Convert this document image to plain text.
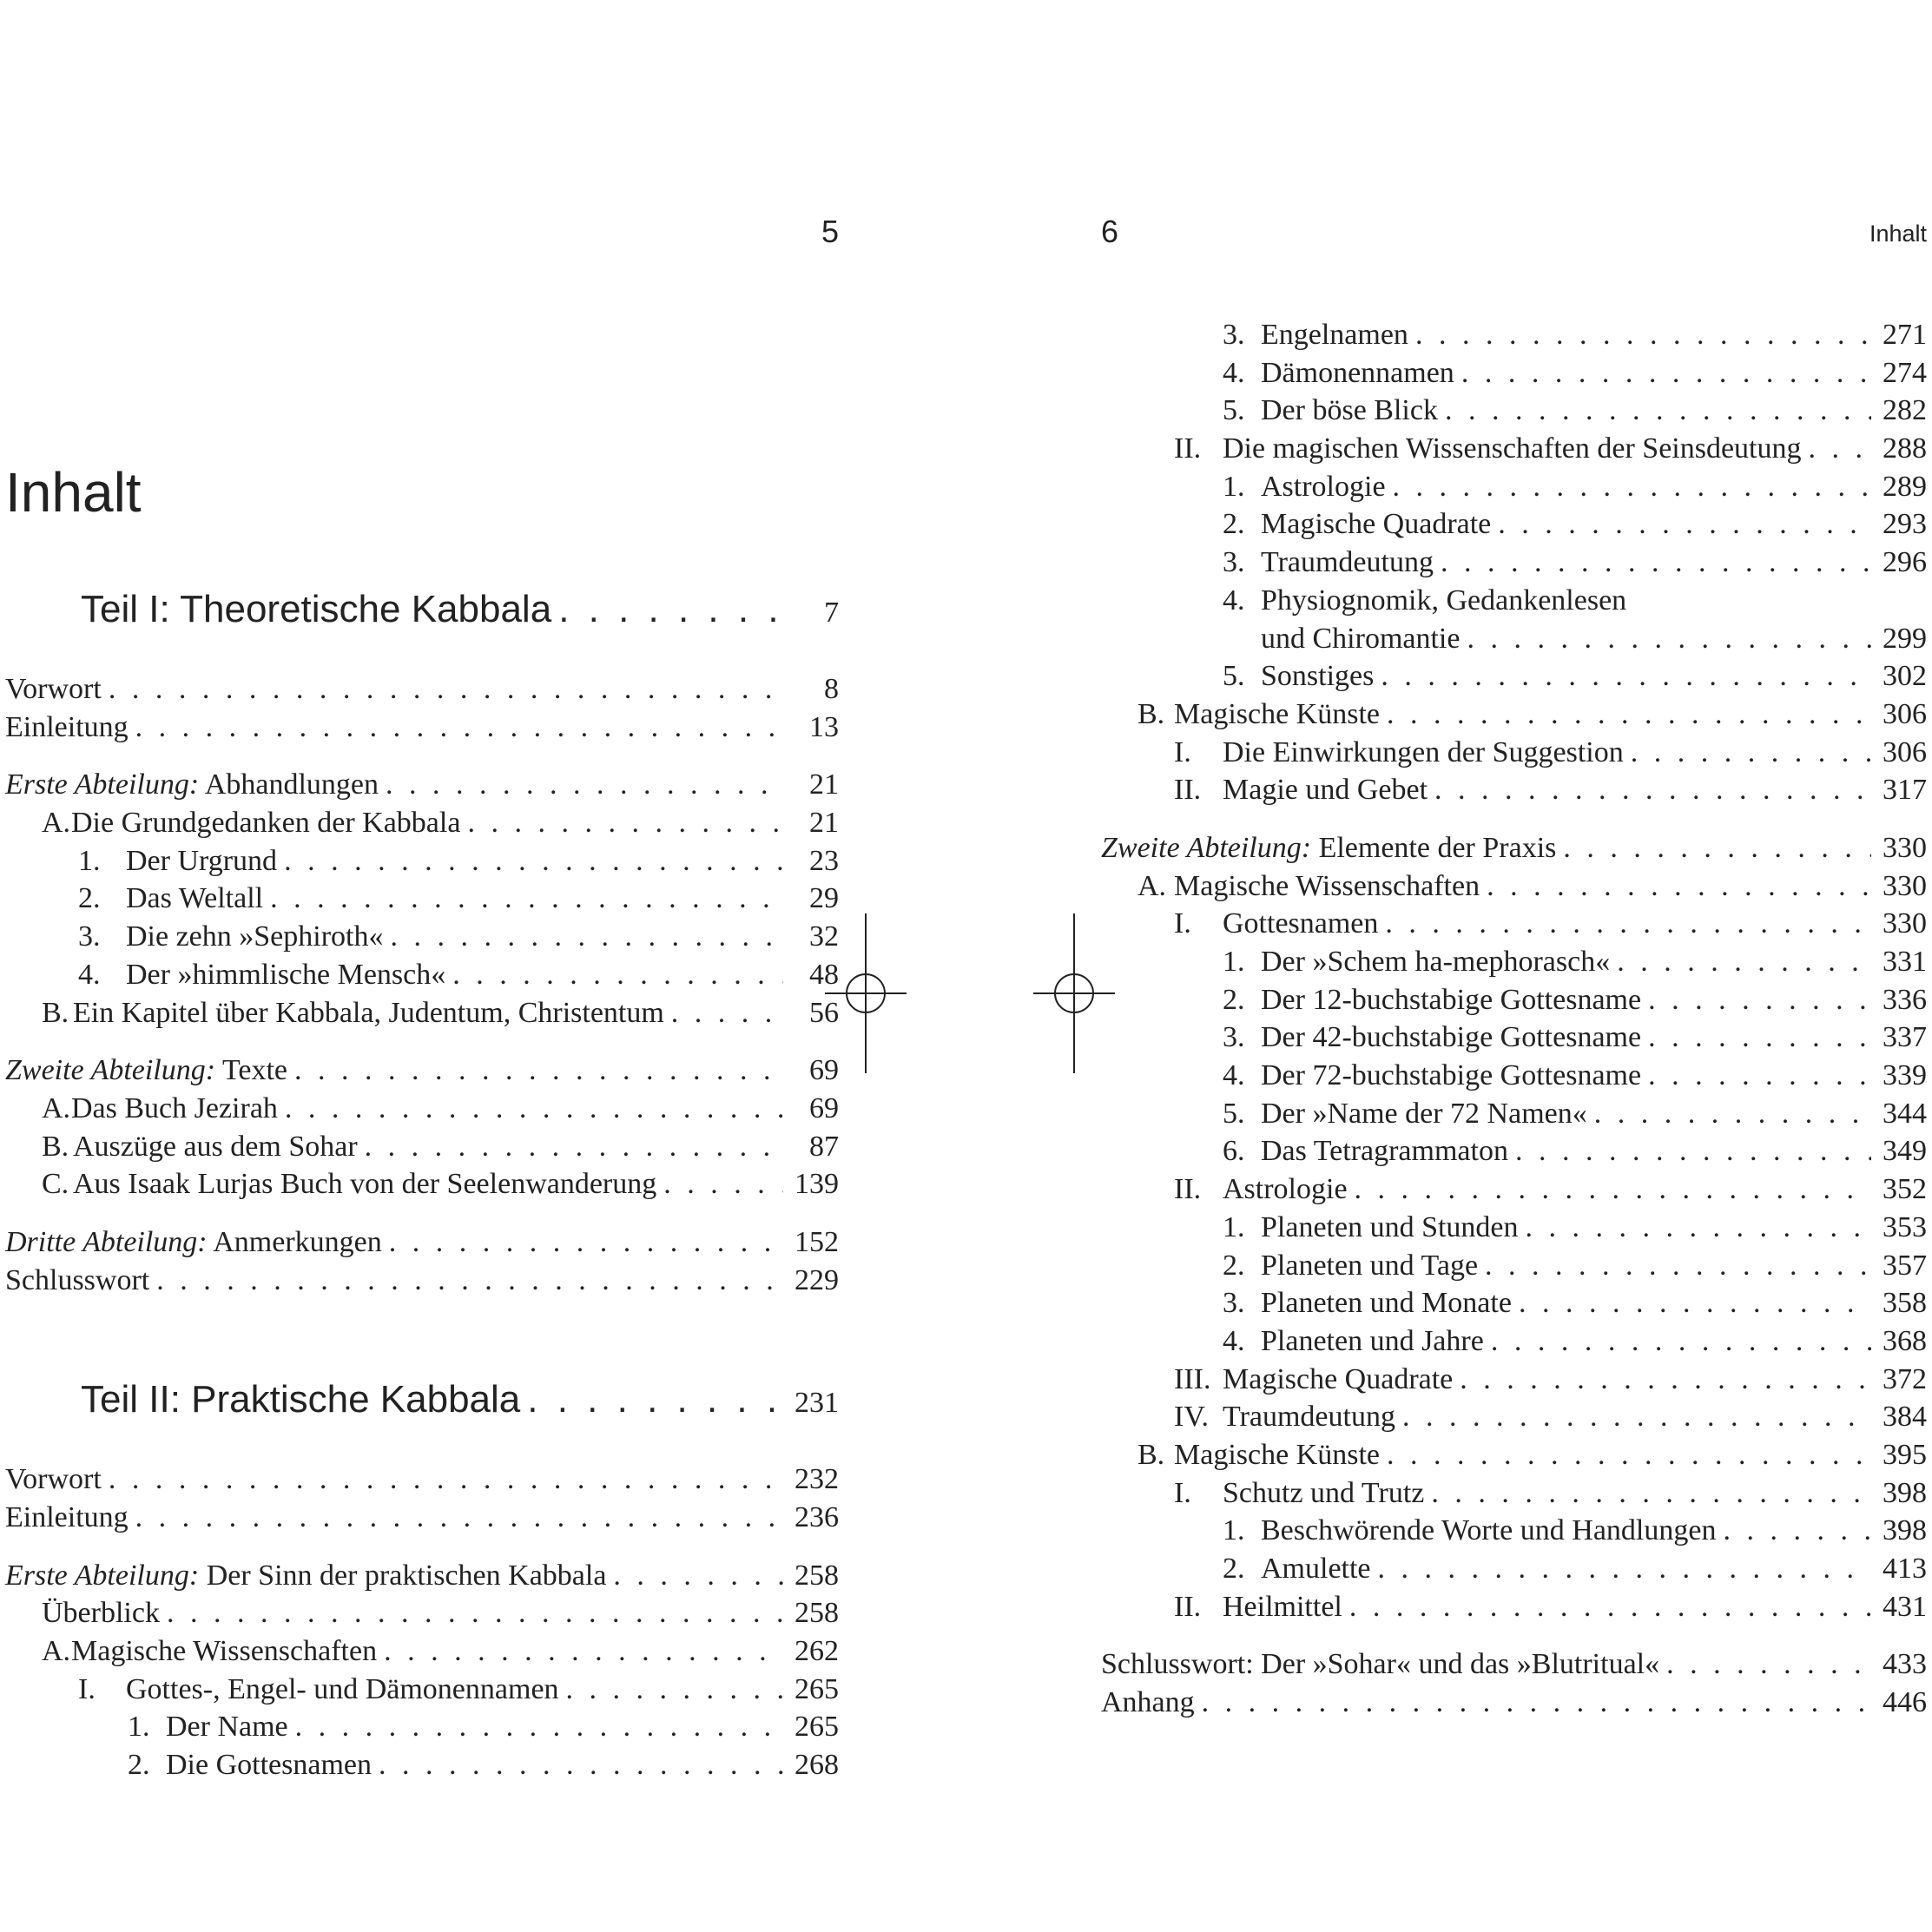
5
Inhalt
Teil I: Theoretische Kabbala . . .	7
Vorwort . . .	8
Einleitung . . .	13
Erste Abteilung: Abhandlungen . . .	21
A. Die Grundgedanken der Kabbala . . .	21
1. Der Urgrund . . .	23
2. Das Weltall . . .	29
3. Die zehn »Sephiroth« . . .	32
4. Der »himmlische Mensch« . . .	48
B. Ein Kapitel über Kabbala, Judentum, Christentum . . .	56
Zweite Abteilung: Texte . . .	69
A. Das Buch Jezirah . . .	69
B. Auszüge aus dem Sohar . . .	87
C. Aus Isaak Lurjas Buch von der Seelenwanderung . . .	139
Dritte Abteilung: Anmerkungen . . .	152
Schlusswort . . .	229
Teil II: Praktische Kabbala . . .	231
Vorwort . . .	232
Einleitung . . .	236
Erste Abteilung: Der Sinn der praktischen Kabbala . . .	258
Überblick . . .	258
A. Magische Wissenschaften . . .	262
I.	Gottes-, Engel- und Dämonennamen . . .	265
1. Der Name . . .	265
2. Die Gottesnamen . . .	268
6	Inhalt
3. Engelnamen . . .	271
4. Dämonennamen . . .	274
5. Der böse Blick . . .	282
II. Die magischen Wissenschaften der Seinsdeutung . . .	288
1. Astrologie . . .	289
2. Magische Quadrate . . .	293
3. Traumdeutung . . .	296
4. Physiognomik, Gedankenlesen
und Chiromantie . . .	299
5. Sonstiges . . .	302
B. Magische Künste . . .	306
I.	Die Einwirkungen der Suggestion . . .	306
II. Magie und Gebet . . .	317
Zweite Abteilung: Elemente der Praxis . . .	330
A. Magische Wissenschaften . . .	330
I.	Gottesnamen . . .	330
1. Der »Schem ha-mephorasch« . . .	331
2. Der 12-buchstabige Gottesname . . .	336
3. Der 42-buchstabige Gottesname . . .	337
4. Der 72-buchstabige Gottesname . . .	339
5. Der »Name der 72 Namen« . . .	344
6. Das Tetragrammaton . . .	349
II. Astrologie . . .	352
1. Planeten und Stunden . . .	353
2. Planeten und Tage . . .	357
3. Planeten und Monate . . .	358
4. Planeten und Jahre . . .	368
III. Magische Quadrate . . .	372
IV. Traumdeutung . . .	384
B. Magische Künste . . .	395
I.	Schutz und Trutz . . .	398
1. Beschwörende Worte und Handlungen . . .	398
2. Amulette . . .	413
II. Heilmittel . . .	431
Schlusswort: Der »Sohar« und das »Blutritual« . . .	433
Anhang . . .	446
